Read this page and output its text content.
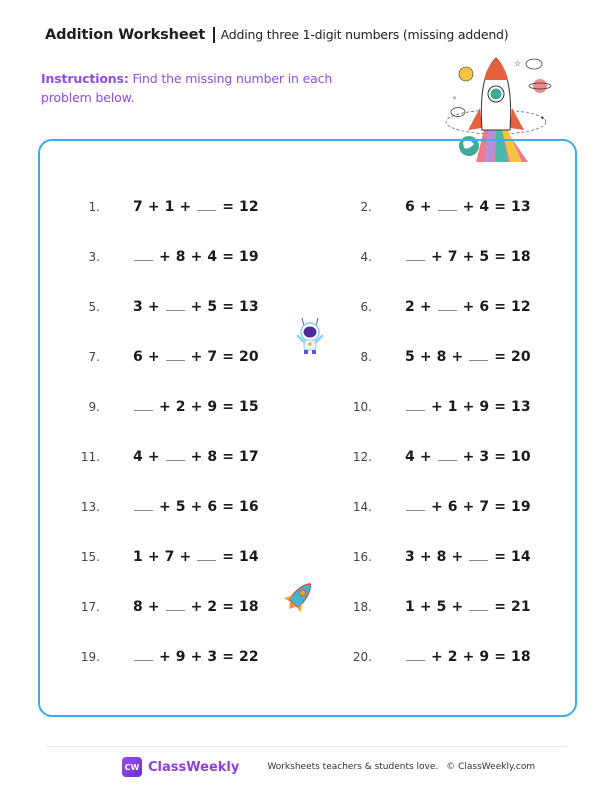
Addition Worksheet Adding three 1-digit numbers (missing addend)
Instructions: Find the missing number in each problem below.
☆
✧
✦
1. 7 + 1 +  = 12	2. 6 +  + 4 = 13
3.	+ 8 + 4 = 19	4.	+ 7 + 5 = 18
5. 3 +  + 5 = 13	6. 2 +  + 6 = 12
7. 6 +  + 7 = 20	8. 5 + 8 +  = 20
9.	+ 2 + 9 = 15	10.	+ 1 + 9 = 13
11. 4 +  + 8 = 17	12. 4 +  + 3 = 10
13.	+ 5 + 6 = 16	14.	+ 6 + 7 = 19
15. 1 + 7 +  = 14	16. 3 + 8 +  = 14
17. 8 +  + 2 = 18	18. 1 + 5 +  = 21
19.	+ 9 + 3 = 22	20.	+ 2 + 9 = 18
CW ClassWeekly	Worksheets teachers & students love. © ClassWeekly.com
